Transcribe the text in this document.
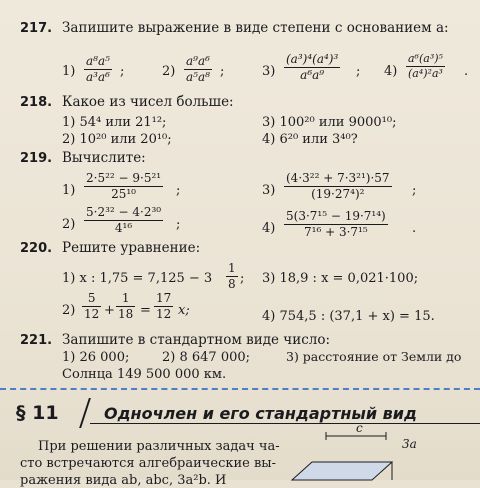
217. Запишите выражение в виде степени с основанием a:
1)
a⁸a⁵
a³a⁶ ;	2)
a⁹a⁶
a⁵a⁸ ;	3)
(a³)⁴(a⁴)³
a⁶a⁹ ; 4)
a⁶(a³)⁵
(a⁴)²a³ .
218. Какое из чисел больше:
1) 54⁴ или 21¹²;
2) 10²⁰ или 20¹⁰;
3) 100²⁰ или 9000¹⁰;
4) 6²⁰ или 3⁴⁰?
219. Вычислите:
1)
2·5²² − 9·5²¹
25¹⁰	;
2)
5·2³² − 4·2³⁰
4¹⁶	;
3)
(4·3²² + 7·3²¹)·57
(19·27⁴)²	;
4)
5(3·7¹⁵ − 19·7¹⁴)
7¹⁶ + 3·7¹⁵	.
220. Решите уравнение:
1) x : 1,75 = 7,125 − 3
1
8 ;
2)
5
12 +
1
18 =
17
12 x;
3) 18,9 : x = 0,021·100;
4) 754,5 : (37,1 + x) = 15.
221. Запишите в стандартном виде число:
1) 26 000;	2) 8 647 000;	3) расстояние от Земли до
Солнца 149 500 000 км.
§ 11	Одночлен и его стандартный вид
При решении различных задач ча-
сто встречаются алгебраические вы-
ражения вида ab, abc, 3a²b. И
c
3a
